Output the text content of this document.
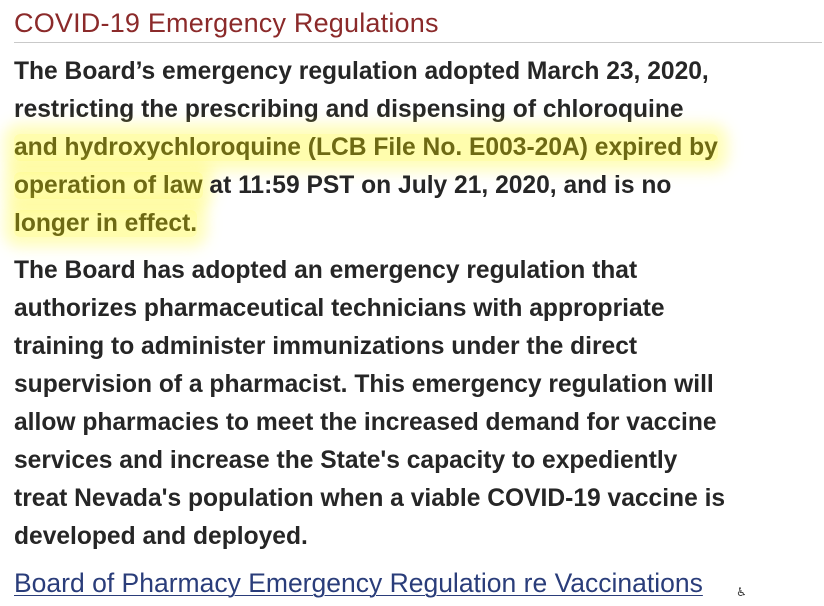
COVID-19 Emergency Regulations

The Board’s emergency regulation adopted March 23, 2020,
restricting the prescribing and dispensing of chloroquine
and hydroxychloroquine (LCB File No. E003-20A) expired by
operation of law at 11:59 PST on July 21, 2020, and is no
longer in effect.

The Board has adopted an emergency regulation that
authorizes pharmaceutical technicians with appropriate
training to administer immunizations under the direct
supervision of a pharmacist. This emergency regulation will
allow pharmacies to meet the increased demand for vaccine
services and increase the State's capacity to expediently
treat Nevada's population when a viable COVID-19 vaccine is
developed and deployed.

Board of Pharmacy Emergency Regulation re Vaccinations	♿
